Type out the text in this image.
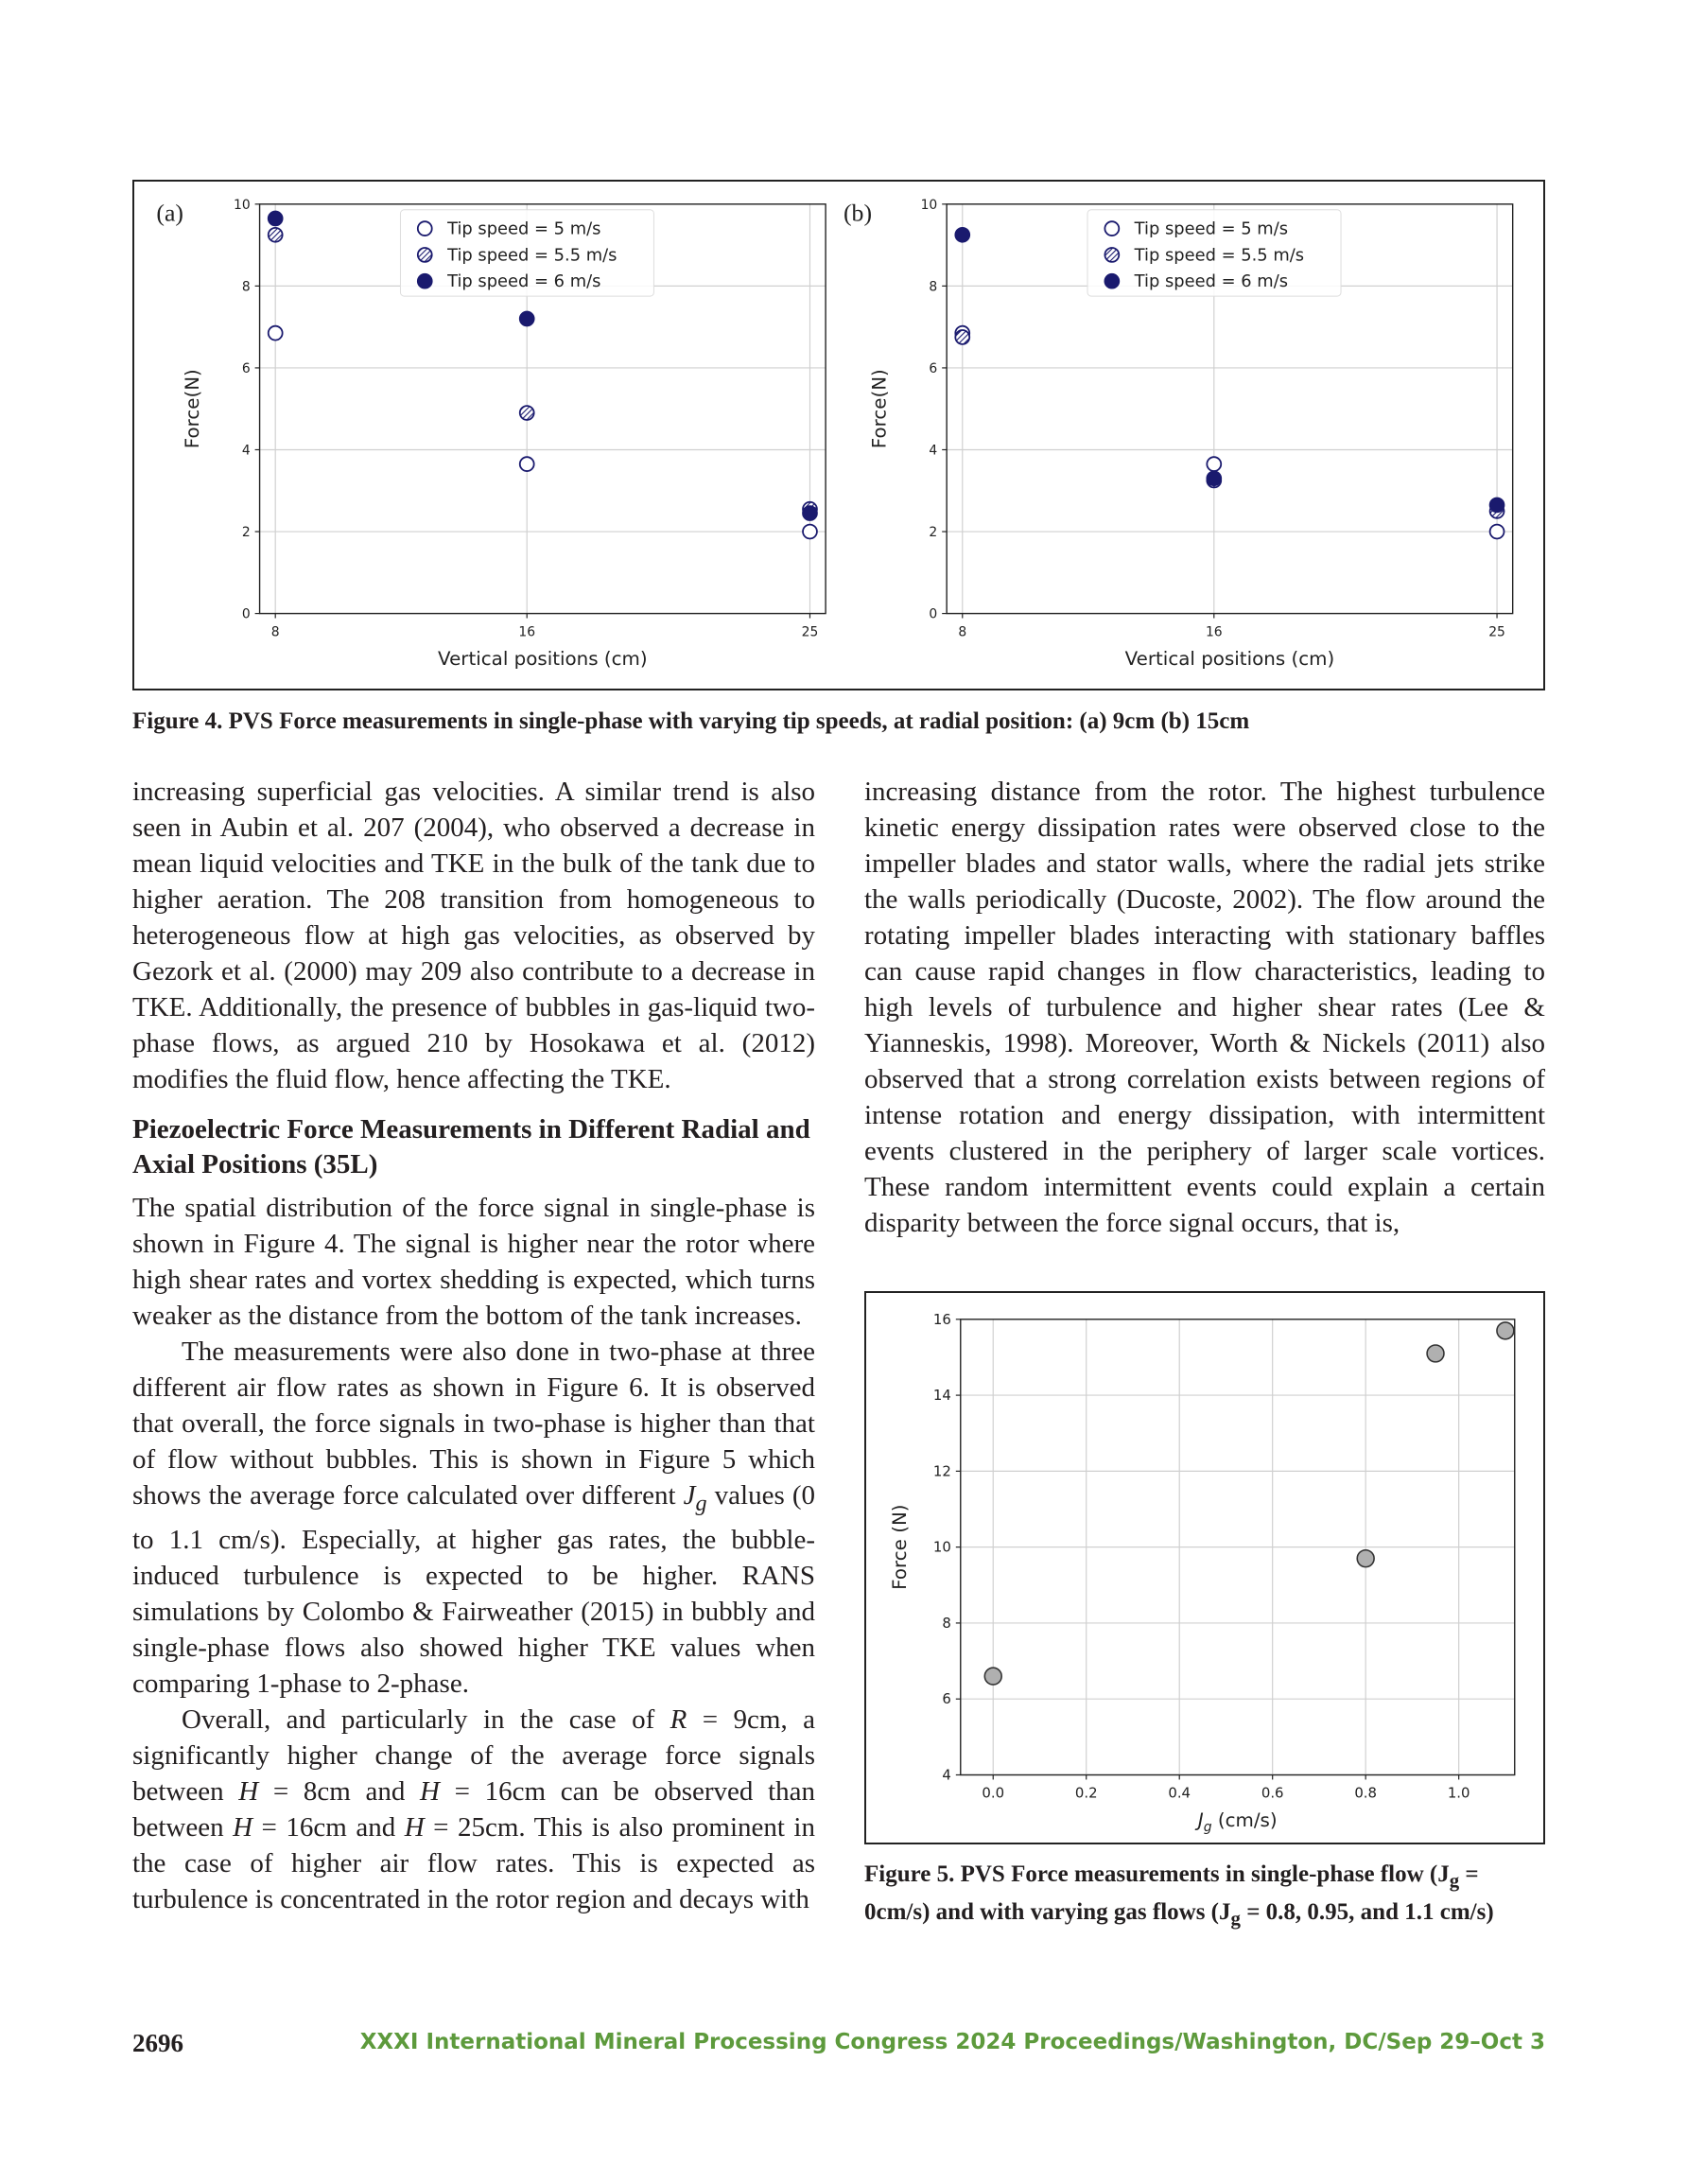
0
2
4
6
8
10
8	16	25
Vertical positions (cm)
Force(N)
(a)
Tip speed = 5 m/s
Tip speed = 5.5 m/s
Tip speed = 6 m/s
0
2
4
6
8
10
8	16	25
Vertical positions (cm)
Force(N)
(b)
Tip speed = 5 m/s
Tip speed = 5.5 m/s
Tip speed = 6 m/s
Figure 4. PVS Force measurements in single-phase with varying tip speeds, at radial position: (a) 9cm (b) 15cm

increasing superficial gas velocities. A similar trend is also seen in Aubin et al. 207 (2004), who observed a decrease in mean liquid velocities and TKE in the bulk of the tank due to higher aeration. The 208 transition from homogeneous to heterogeneous flow at high gas velocities, as observed by Gezork et al. (2000) may 209 also contribute to a decrease in TKE. Additionally, the presence of bubbles in gas-liquid two-phase flows, as argued 210 by Hosokawa et al. (2012) modifies the fluid flow, hence affecting the TKE.

Piezoelectric Force Measurements in Different Radial and Axial Positions (35L)

The spatial distribution of the force signal in single-phase is shown in Figure 4. The signal is higher near the rotor where high shear rates and vortex shedding is expected, which turns weaker as the distance from the bottom of the tank increases.

The measurements were also done in two-phase at three different air flow rates as shown in Figure 6. It is observed that overall, the force signals in two-phase is higher than that of flow without bubbles. This is shown in Figure 5 which shows the average force calculated over different $J_g$ values (0 to 1.1 cm/s). Especially, at higher gas rates, the bubble-induced turbulence is expected to be higher. RANS simulations by Colombo & Fairweather (2015) in bubbly and single-phase flows also showed higher TKE values when comparing 1-phase to 2-phase.

Overall, and particularly in the case of R = 9cm, a significantly higher change of the average force signals between H = 8cm and H = 16cm can be observed than between H = 16cm and H = 25cm. This is also prominent in the case of higher air flow rates. This is expected as turbulence is concentrated in the rotor region and decays with

increasing distance from the rotor. The highest turbulence kinetic energy dissipation rates were observed close to the impeller blades and stator walls, where the radial jets strike the walls periodically (Ducoste, 2002). The flow around the rotating impeller blades interacting with stationary baffles can cause rapid changes in flow characteristics, leading to high levels of turbulence and higher shear rates (Lee & Yianneskis, 1998). Moreover, Worth & Nickels (2011) also observed that a strong correlation exists between regions of intense rotation and energy dissipation, with intermittent events clustered in the periphery of larger scale vortices. These random intermittent events could explain a certain disparity between the force signal occurs, that is,

4
6
8
10
12
14
16
0.0	0.2	0.4	0.6	0.8	1.0
Force (N)
$J_g$ (cm/s)
Figure 5. PVS Force measurements in single-phase flow $(J_g = 0cm/s)$ and with varying gas flows ($J_g = 0.8$, 0.95, and 1.1 cm/s)
2696	XXXI International Mineral Processing Congress 2024 Proceedings/Washington, DC/Sep 29–Oct 3
